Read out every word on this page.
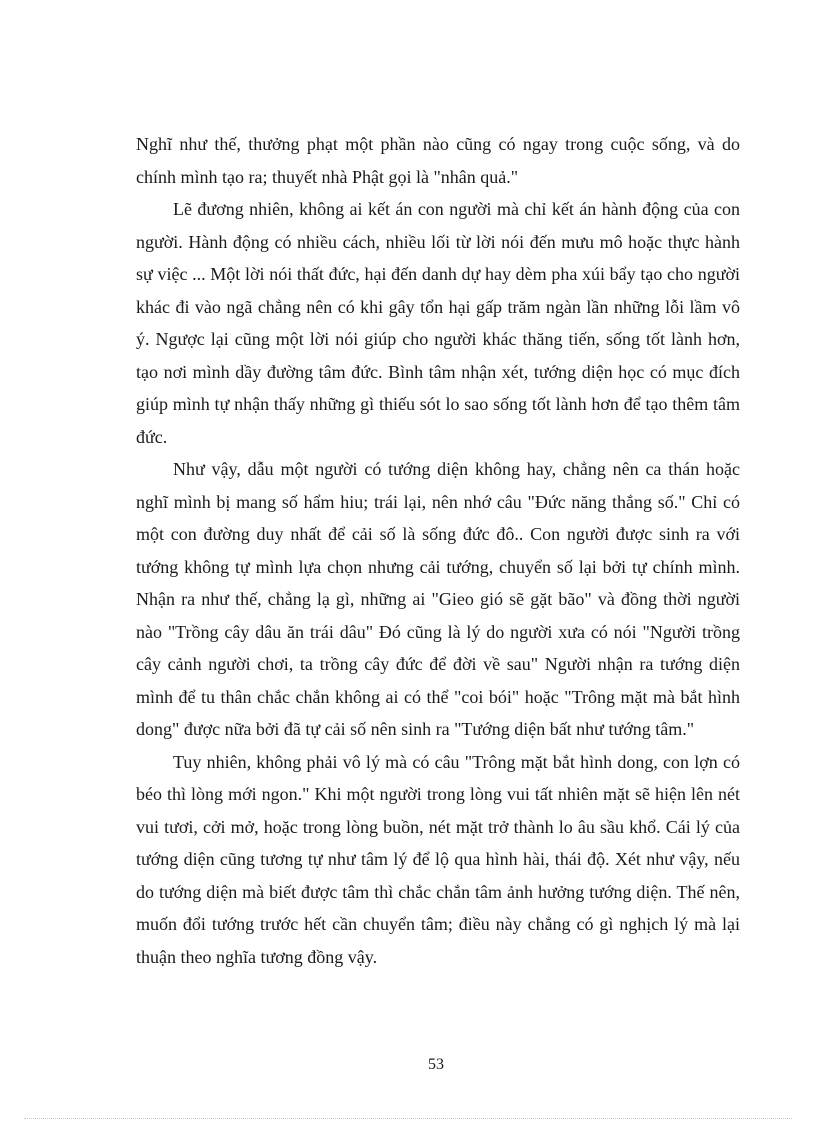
Nghĩ như thế, thưởng phạt một phần nào cũng có ngay trong cuộc sống, và do chính mình tạo ra; thuyết nhà Phật gọi là "nhân quả."

Lẽ đương nhiên, không ai kết án con người mà chỉ kết án hành động của con người. Hành động có nhiều cách, nhiều lối từ lời nói đến mưu mô hoặc thực hành sự việc ... Một lời nói thất đức, hại đến danh dự hay dèm pha xúi bẩy tạo cho người khác đi vào ngã chẳng nên có khi gây tổn hại gấp trăm ngàn lần những lỗi lầm vô ý. Ngược lại cũng một lời nói giúp cho người khác thăng tiến, sống tốt lành hơn, tạo nơi mình dầy đường tâm đức. Bình tâm nhận xét, tướng diện học có mục đích giúp mình tự nhận thấy những gì thiếu sót lo sao sống tốt lành hơn để tạo thêm tâm đức.

Như vậy, dẫu một người có tướng diện không hay, chẳng nên ca thán hoặc nghĩ mình bị mang số hẩm hiu; trái lại, nên nhớ câu "Đức năng thắng số." Chỉ có một con đường duy nhất để cải số là sống đức đô.. Con người được sinh ra với tướng không tự mình lựa chọn nhưng cải tướng, chuyển số lại bởi tự chính mình. Nhận ra như thế, chẳng lạ gì, những ai "Gieo gió sẽ gặt bão" và đồng thời người nào "Trồng cây dâu ăn trái dâu" Đó cũng là lý do người xưa có nói "Người trồng cây cảnh người chơi, ta trồng cây đức để đời về sau" Người nhận ra tướng diện mình để tu thân chắc chắn không ai có thể "coi bói" hoặc "Trông mặt mà bắt hình dong" được nữa bởi đã tự cải số nên sinh ra "Tướng diện bất như tướng tâm."

Tuy nhiên, không phải vô lý mà có câu "Trông mặt bắt hình dong, con lợn có béo thì lòng mới ngon." Khi một người trong lòng vui tất nhiên mặt sẽ hiện lên nét vui tươi, cởi mở, hoặc trong lòng buồn, nét mặt trở thành lo âu sầu khổ. Cái lý của tướng diện cũng tương tự như tâm lý để lộ qua hình hài, thái độ. Xét như vậy, nếu do tướng diện mà biết được tâm thì chắc chắn tâm ảnh hưởng tướng diện. Thế nên, muốn đổi tướng trước hết cần chuyển tâm; điều này chẳng có gì nghịch lý mà lại thuận theo nghĩa tương đồng vậy.

53
